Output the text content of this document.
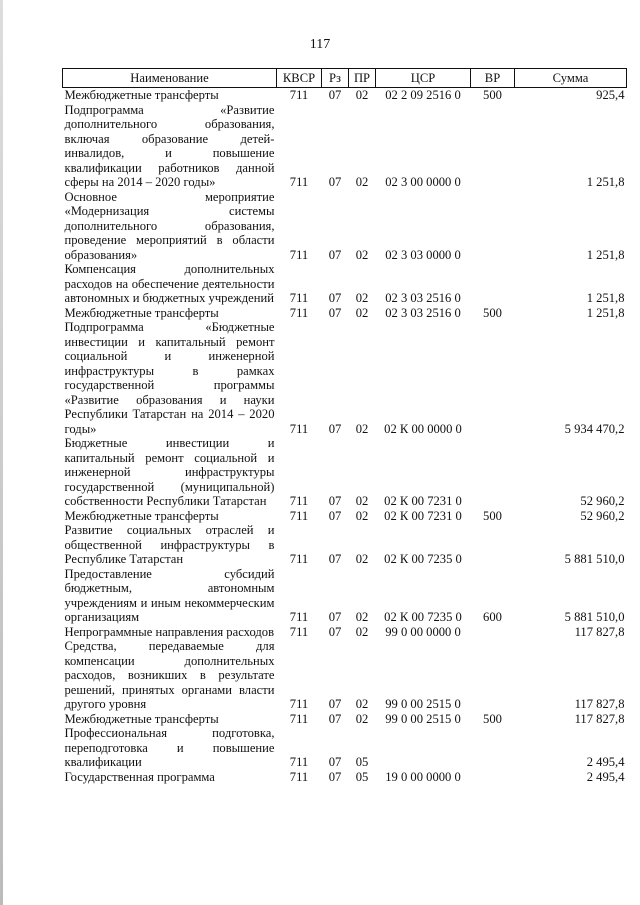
117
Наименование	КВСР	Рз	ПР	ЦСР	ВР	Сумма
Межбюджетные трансферты	711	07	02	02 2 09 2516 0	500	925,4
Подпрограмма «Развитие дополнительного образования, включая образование детей-инвалидов, и повышение квалификации работников данной сферы на 2014 – 2020 годы»	711	07	02	02 3 00 0000 0		1 251,8
Основное мероприятие «Модернизация системы дополнительного образования, проведение мероприятий в области образования»	711	07	02	02 3 03 0000 0		1 251,8
Компенсация дополнительных расходов на обеспечение деятельности автономных и бюджетных учреждений	711	07	02	02 3 03 2516 0		1 251,8
Межбюджетные трансферты	711	07	02	02 3 03 2516 0	500	1 251,8
Подпрограмма «Бюджетные инвестиции и капитальный ремонт социальной и инженерной инфраструктуры в рамках государственной программы «Развитие образования и науки Республики Татарстан на 2014 – 2020 годы»	711	07	02	02 К 00 0000 0		5 934 470,2
Бюджетные инвестиции и капитальный ремонт социальной и инженерной инфраструктуры государственной (муниципальной) собственности Республики Татарстан	711	07	02	02 К 00 7231 0		52 960,2
Межбюджетные трансферты	711	07	02	02 К 00 7231 0	500	52 960,2
Развитие социальных отраслей и общественной инфраструктуры в Республике Татарстан	711	07	02	02 К 00 7235 0		5 881 510,0
Предоставление субсидий бюджетным, автономным учреждениям и иным некоммерческим организациям	711	07	02	02 К 00 7235 0	600	5 881 510,0
Непрограммные направления расходов	711	07	02	99 0 00 0000 0		117 827,8
Средства, передаваемые для компенсации дополнительных расходов, возникших в результате решений, принятых органами власти другого уровня	711	07	02	99 0 00 2515 0		117 827,8
Межбюджетные трансферты	711	07	02	99 0 00 2515 0	500	117 827,8
Профессиональная подготовка, переподготовка и повышение квалификации	711	07	05			2 495,4
Государственная программа	711	07	05	19 0 00 0000 0		2 495,4
